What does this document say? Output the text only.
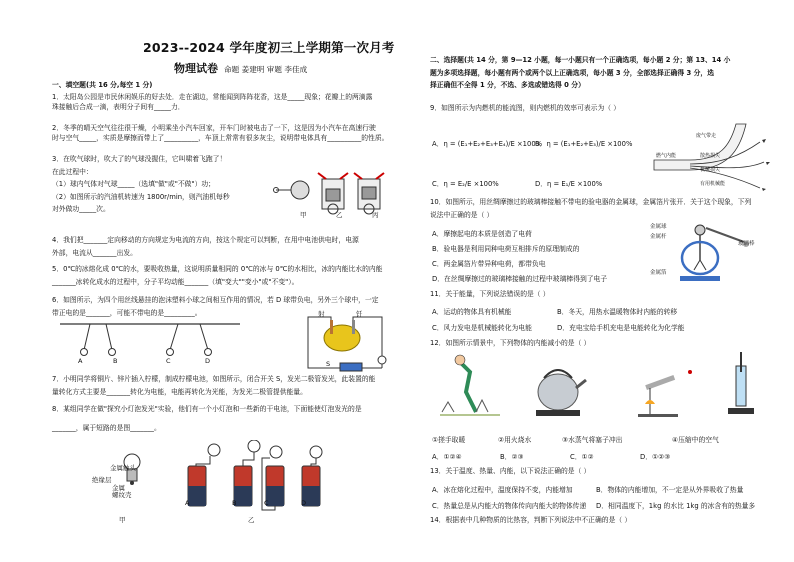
2023--2024 学年度初三上学期第一次月考
物理试卷 命题 姜建明 审题 李佳成
一、填空题(共 16 分,每空 1 分)
1．太阳岛公园是市民休闲娱乐的好去处．走在湖边，常能闻到阵阵花香，这是_____现象；花瓣上的两滴露
珠接触后合成一滴，表明分子间有_____力．
2．冬季的晴天空气往往很干燥，小明乘坐小汽车回家，开车门时被电击了一下，这是因为小汽车在高速行驶
时与空气_____，实质是摩擦而带上了__________，车顶上常常有很多灰尘，说明带电体具有__________的性质。
3．在吹气球时，吹大了的气球没握住，它叫啸着飞跑了！
在此过程中：
（1）球内气体对气球_____（选填"做"或"不做"）功；
（2）如图所示的汽油机转速为 1800r/min，则汽油机每秒
对外做功_____次。
甲	乙	丙
4．我们把_______定向移动的方向规定为电流的方向，按这个规定可以判断，在用中电池供电时，电源
外部，电流从_______出发。
5．0℃的冰熔化成 0℃的水，要吸收热量，这说明质量相同的 0℃的冰与 0℃的水相比，冰的内能比水的内能
_______冰转化成水的过程中，分子平均动能_______（填"变大""变小"或"不变"）。
6．如图所示，为四个用丝线悬挂的泡沫塑料小球之间相互作用的情况，若 D 球带负电，另外三个球中，一定
带正电的是_______，可能不带电的是_________。
A	B	C	D
射	钎
S
7．小明同学将铜片、锌片插入柠檬，制成柠檬电池，如图所示，闭合开关 S，发光二极管发光，此装置的能
量转化方式主要是_______转化为电能，电能再转化为光能，为发光二极管提供能量。
8．某组同学在做"探究小灯泡发光"实验，他们有一个小灯泡和一些新的干电池，下面能使灯泡发光的是
_______，属于短路的是图_______。
金属触头
绝缘层
金属
螺纹壳
A	B	C	D
甲	乙
二、选择题(共 14 分，第 9—12 小题，每一小题只有一个正确选项，每小题 2 分；第 13、14 小
题为多项选择题，每小题有两个或两个以上正确选项，每小题 3 分，全部选择正确得 3 分，选
择正确但不全得 1 分，不选、多选或错选得 0 分）
9．如图所示为内燃机的能流图，则内燃机的效率可表示为（ ）
A．η = (E₁+E₂+E₃+E₄)/E ×100%
B．η = (E₁+E₂+E₃)/E ×100%
C．η = E₂/E ×100%	D．η = E₁/E ×100%
燃气内能
废气带走
散热损失
机械损失
有用机械能
10．如图所示，用丝绸摩擦过的玻璃棒接触不带电的验电器的金属球，金属箔片张开．关于这个现象，下列
说法中正确的是（ ）
A．摩擦起电的本质是创造了电荷
B．验电器是利用同种电荷互相排斥的原理制成的
C．两金属箔片带异种电荷，都带负电
D．在丝绸摩擦过的玻璃棒接触的过程中玻璃棒得到了电子
金属球
金属杆
金属箔
玻璃棒
11．关于能量，下列说法错误的是（ ）
A．运动的物体具有机械能	B．冬天，用热水温暖物体时内能的转移
C．风力发电是机械能转化为电能	D．充电宝给手机充电是电能转化为化学能
12．如图所示情景中，下列物体的内能减小的是（ ）
①搓手取暖	②用火烧水	③水蒸气将塞子冲出	④压缩中的空气
A．①②④	B．②③	C．①②	D．①②③
13．关于温度、热量、内能，以下说法正确的是（ ）
A．冰在熔化过程中，温度保持不变，内能增加	B．物体的内能增加，不一定是从外界吸收了热量
C．热量总是从内能大的物体传向内能大的物体传递 D．相同温度下，1kg 的水比 1kg 的冰含有的热量多
14．根据表中几种物质的比热容，判断下列说法中不正确的是（ ）
